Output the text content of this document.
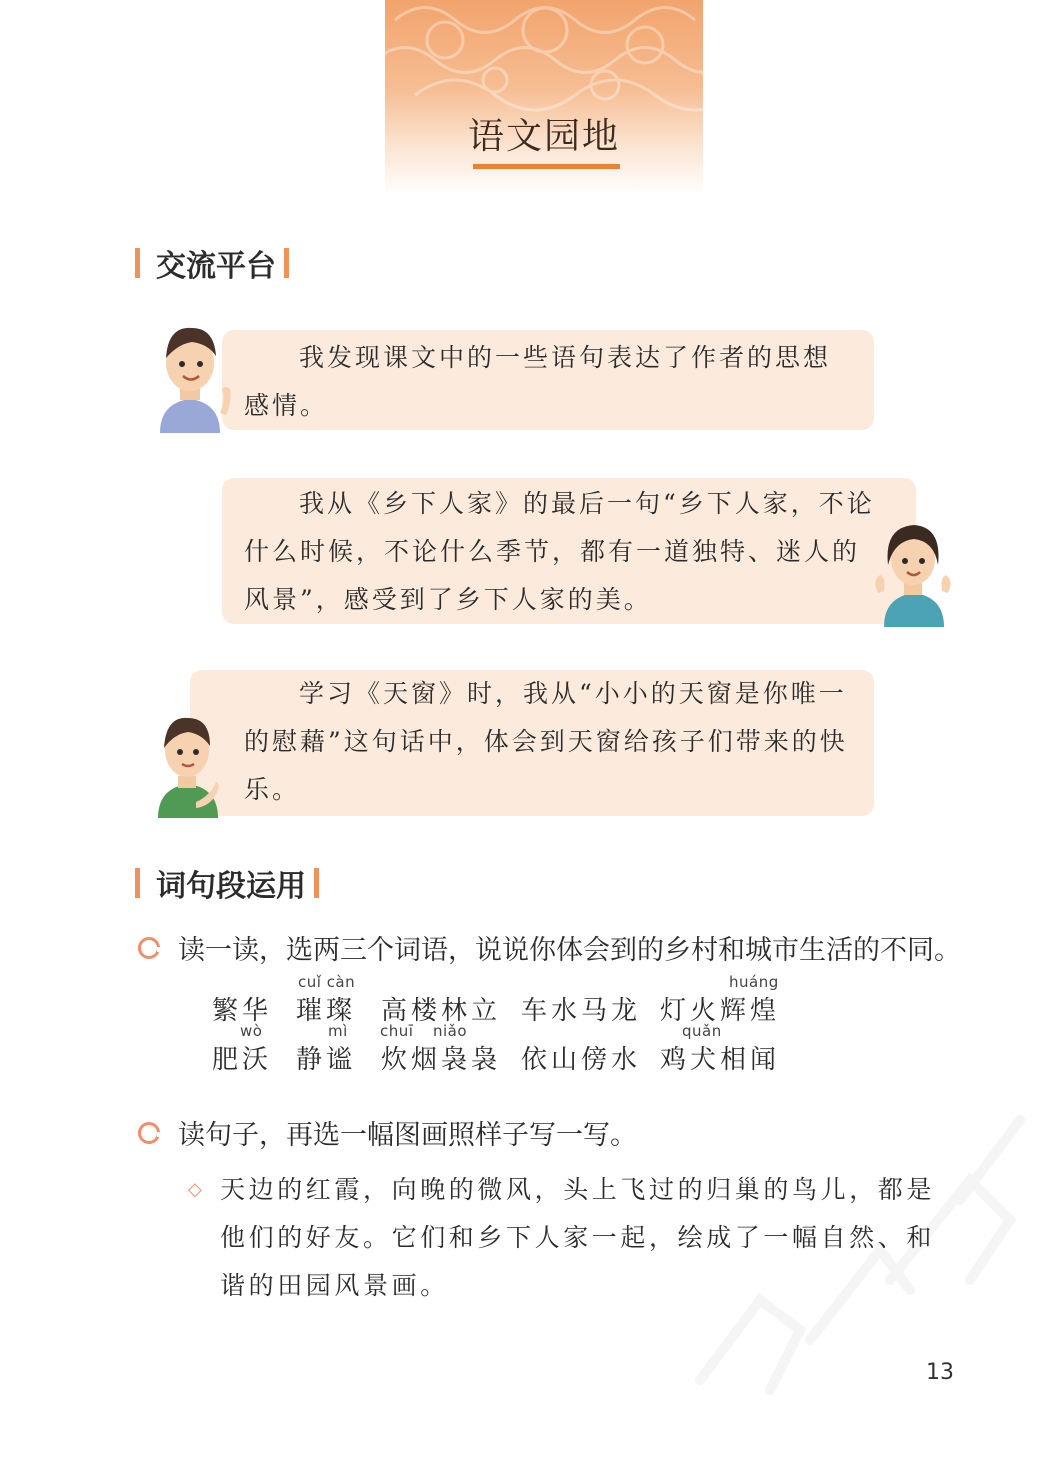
语文园地
交流平台

我发现课文中的一些语句表达了作者的思想感情。

我从《乡下人家》的最后一句“乡下人家，不论什么时候，不论什么季节，都有一道独特、迷人的风景”，感受到了乡下人家的美。

学习《天窗》时，我从“小小的天窗是你唯一的慰藉”这句话中，体会到天窗给孩子们带来的快乐。

词句段运用
读一读，选两三个词语，说说你体会到的乡村和城市生活的不同。
cuǐ càn	huáng
繁华 璀璨 高楼林立 车水马龙 灯火辉煌
wò	mì chuī niǎo	quǎn
肥沃 静谧 炊烟袅袅 依山傍水 鸡犬相闻
读句子，再选一幅图画照样子写一写。
◇ 天边的红霞，向晚的微风，头上飞过的归巢的鸟儿，都是他们的好友。它们和乡下人家一起，绘成了一幅自然、和谐的田园风景画。

13
